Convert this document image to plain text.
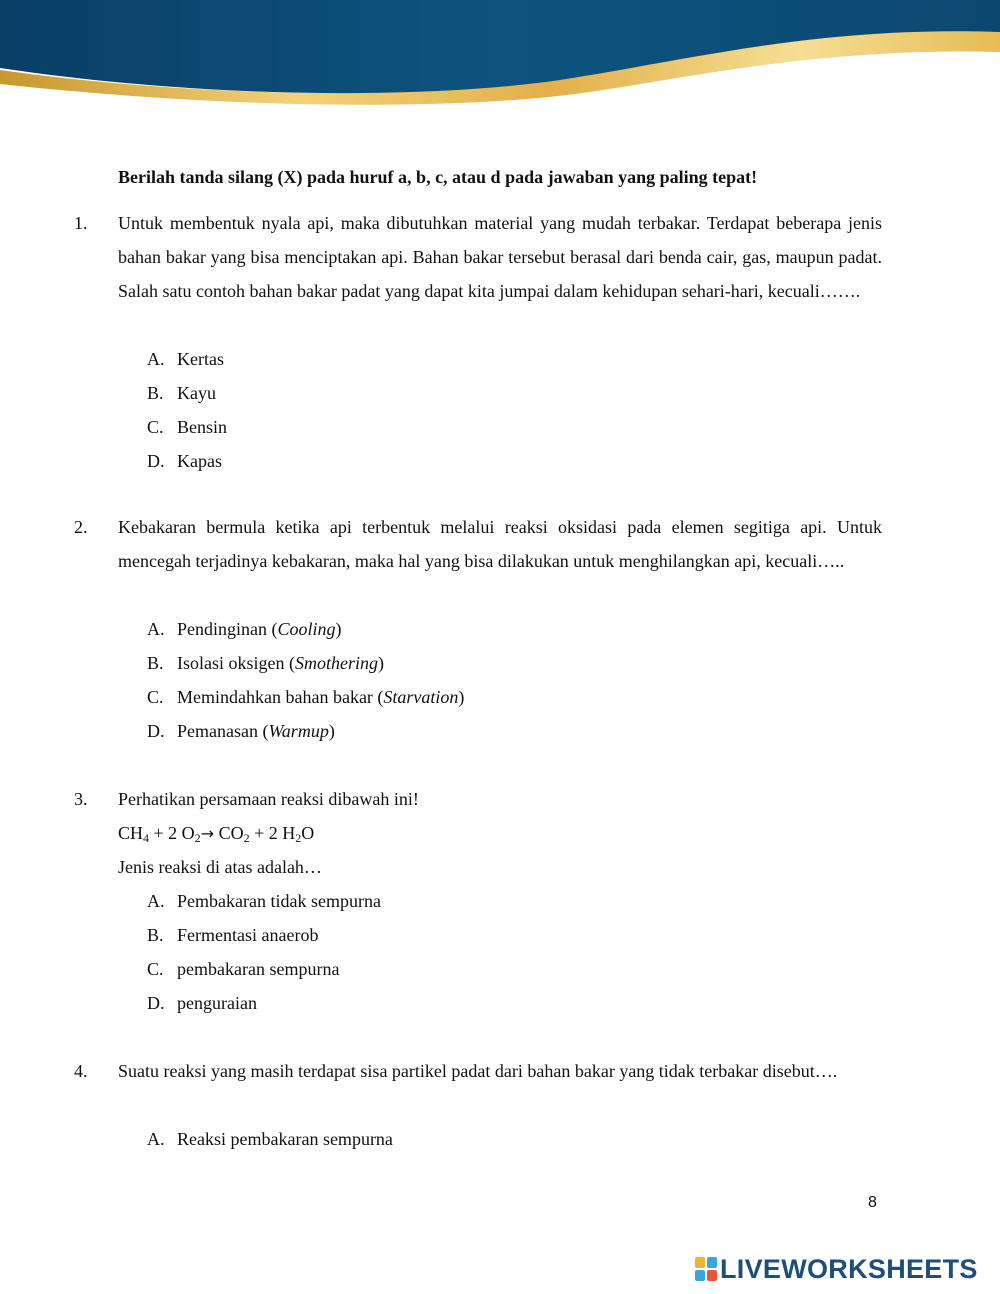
Berilah tanda silang (X) pada huruf a, b, c, atau d pada jawaban yang paling tepat!
1. Untuk membentuk nyala api, maka dibutuhkan material yang mudah terbakar. Terdapat beberapa jenis bahan bakar yang bisa menciptakan api. Bahan bakar tersebut berasal dari benda cair, gas, maupun padat. Salah satu contoh bahan bakar padat yang dapat kita jumpai dalam kehidupan sehari-hari, kecuali…….

A. Kertas
B. Kayu
C. Bensin
D. Kapas
2. Kebakaran bermula ketika api terbentuk melalui reaksi oksidasi pada elemen segitiga api. Untuk mencegah terjadinya kebakaran, maka hal yang bisa dilakukan untuk menghilangkan api, kecuali…..

A. Pendinginan (Cooling)
B. Isolasi oksigen (Smothering)
C. Memindahkan bahan bakar (Starvation)
D. Pemanasan (Warmup)
3. Perhatikan persamaan reaksi dibawah ini!

$CH_4 + 2$ $O_2\to CO_2 + 2$ $H_2O$
Jenis reaksi di atas adalah…
A. Pembakaran tidak sempurna
B. Fermentasi anaerob
C. pembakaran sempurna
D. penguraian
4. Suatu reaksi yang masih terdapat sisa partikel padat dari bahan bakar yang tidak terbakar disebut….

A. Reaksi pembakaran sempurna
8
LIVEWORKSHEETS
